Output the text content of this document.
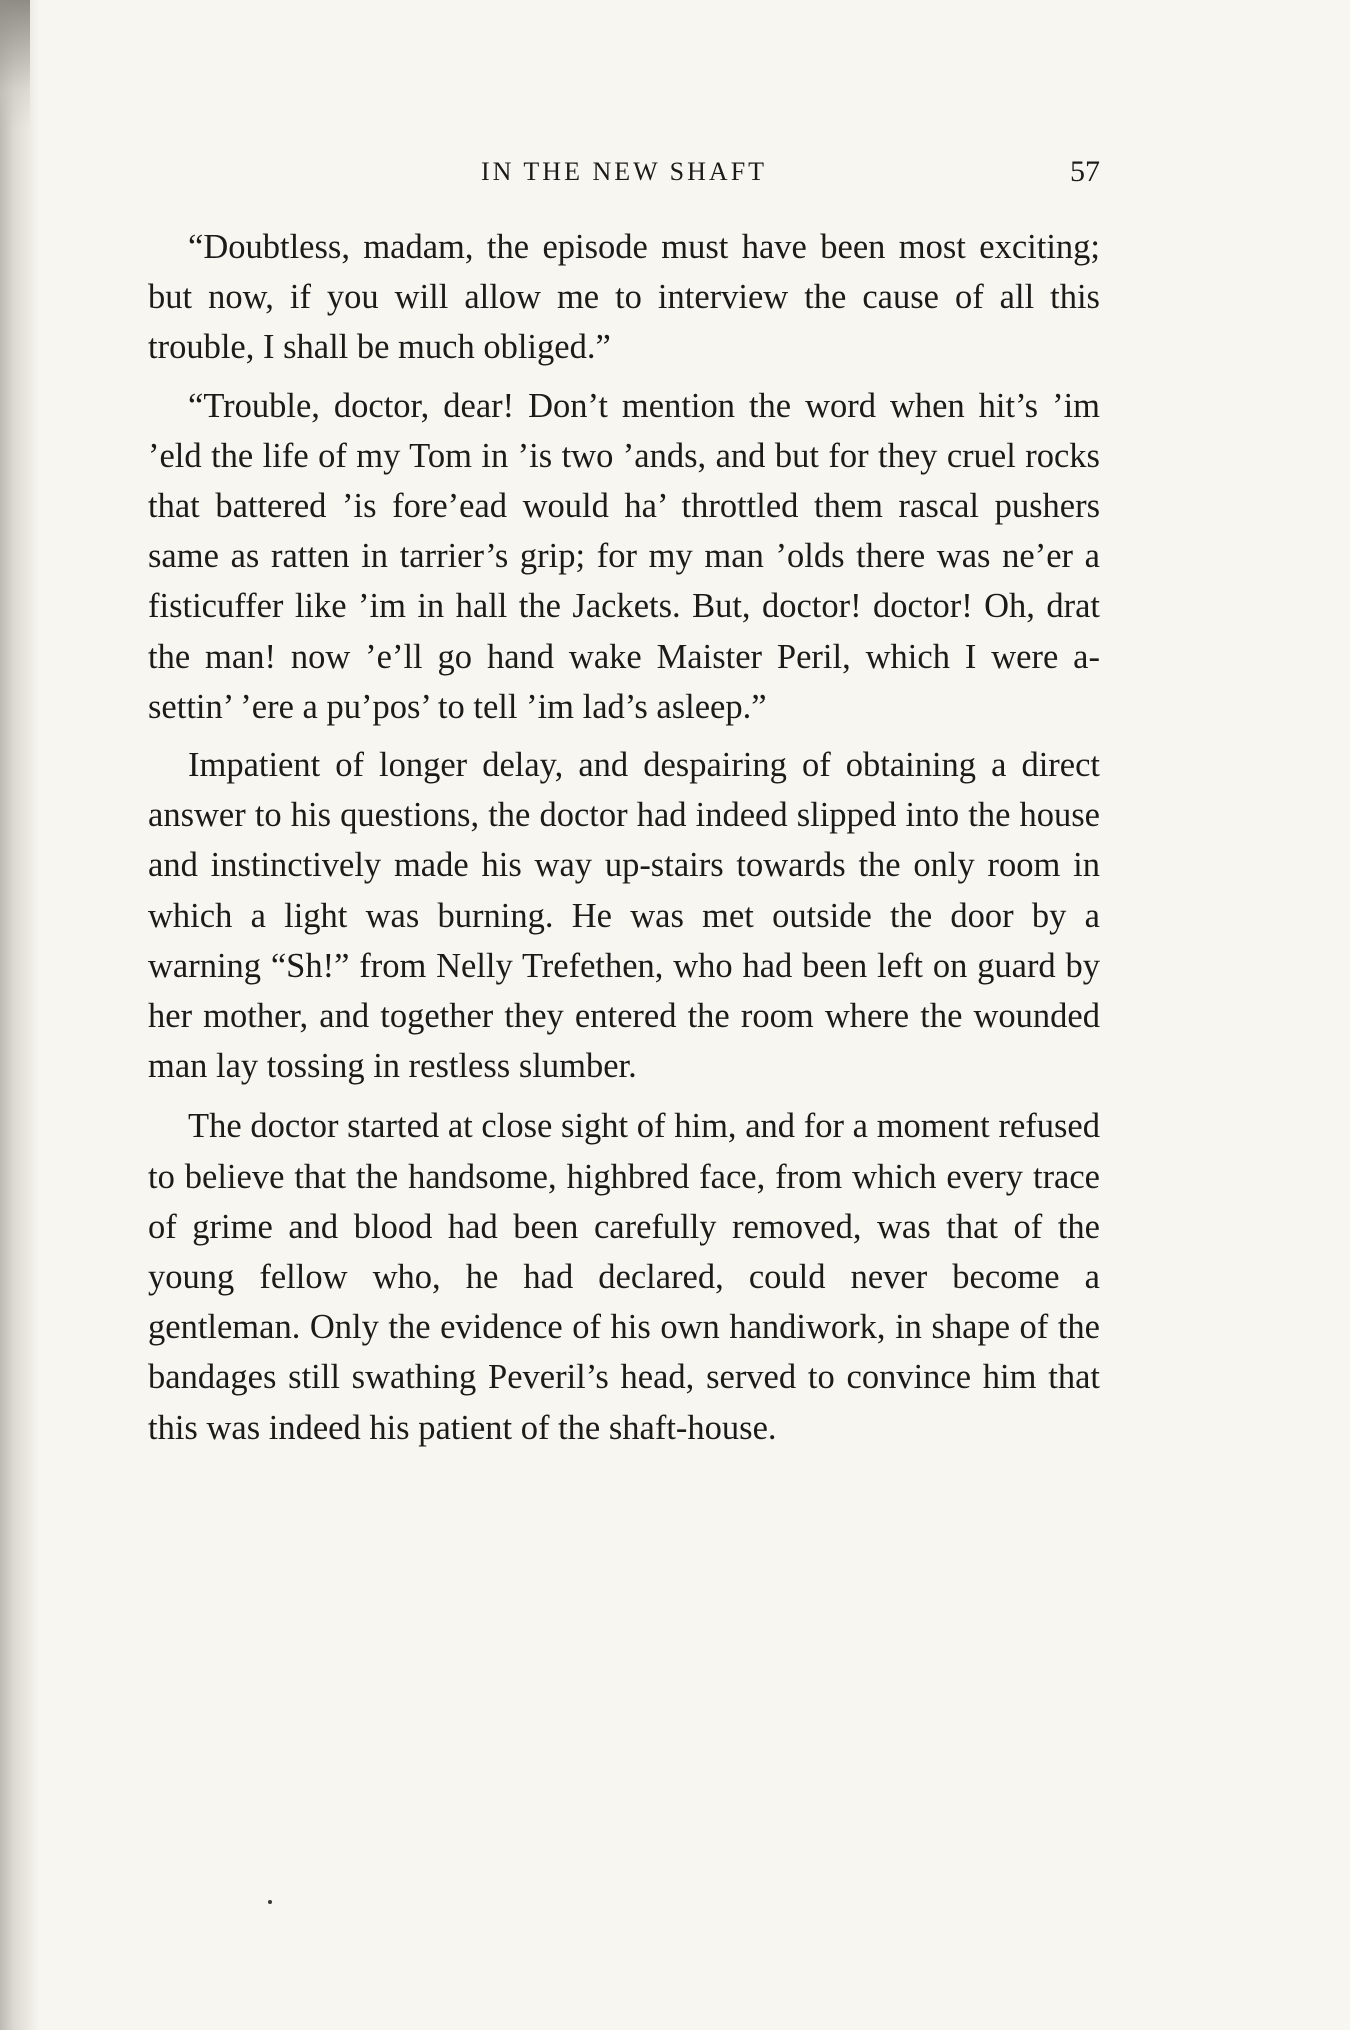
IN THE NEW SHAFT	57

“Doubtless, madam, the episode must have been most exciting; but now, if you will allow me to interview the cause of all this trouble, I shall be much obliged.”

“Trouble, doctor, dear! Don’t mention the word when hit’s ’im ’eld the life of my Tom in ’is two ’ands, and but for they cruel rocks that battered ’is fore’ead would ha’ throttled them rascal pushers same as ratten in tarrier’s grip; for my man ’olds there was ne’er a fisticuffer like ’im in hall the Jackets. But, doctor! doctor! Oh, drat the man! now ’e’ll go hand wake Maister Peril, which I were a-settin’ ’ere a pu’pos’ to tell ’im lad’s asleep.”

Impatient of longer delay, and despairing of obtaining a direct answer to his questions, the doctor had indeed slipped into the house and instinctively made his way up-stairs towards the only room in which a light was burning. He was met outside the door by a warning “Sh!” from Nelly Trefethen, who had been left on guard by her mother, and together they entered the room where the wounded man lay tossing in restless slumber.

The doctor started at close sight of him, and for a moment refused to believe that the handsome, highbred face, from which every trace of grime and blood had been carefully removed, was that of the young fellow who, he had declared, could never become a gentleman. Only the evidence of his own handiwork, in shape of the bandages still swathing Peveril’s head, served to convince him that this was indeed his patient of the shaft-house.
